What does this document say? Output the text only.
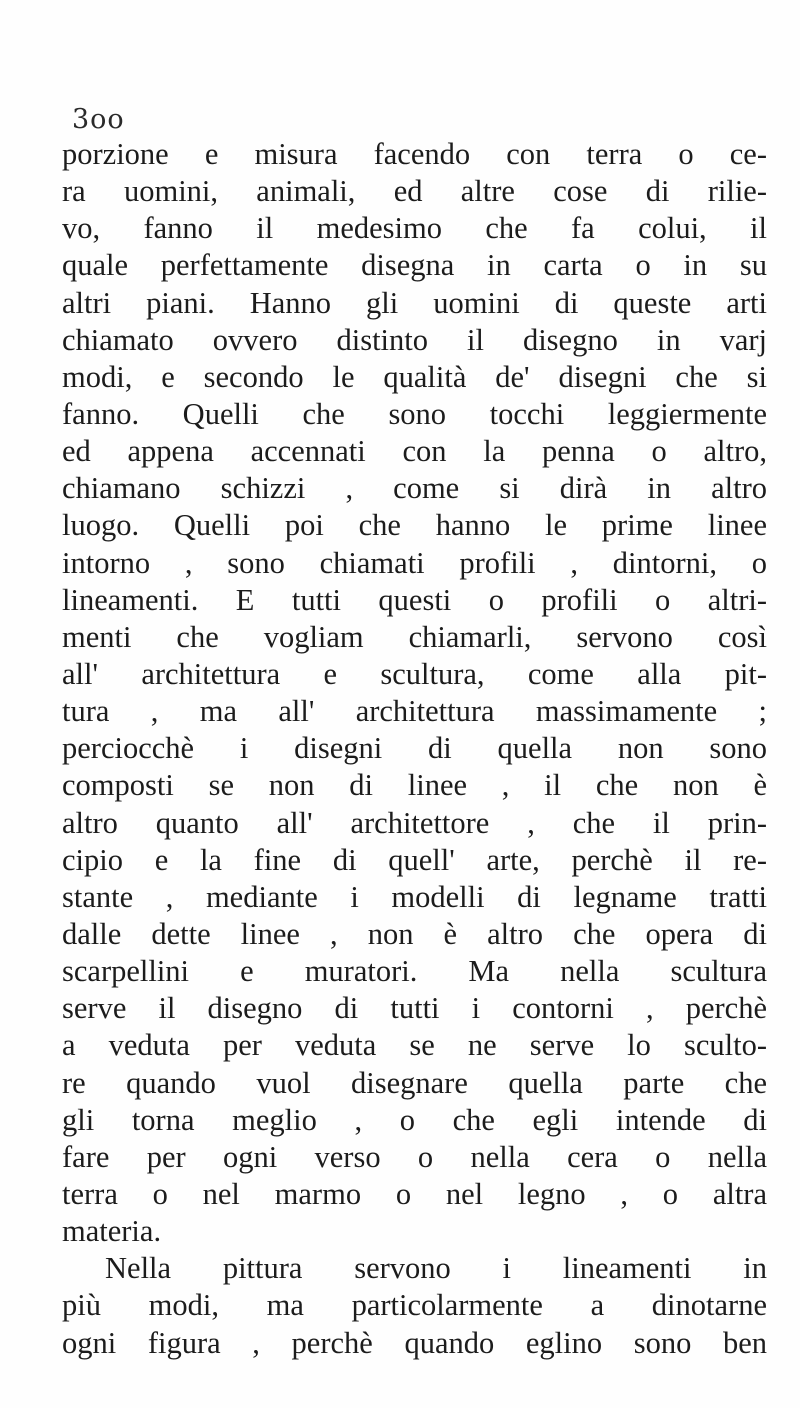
3oo
porzione e misura facendo con terra o ce-
ra uomini, animali, ed altre cose di rilie-
vo, fanno il medesimo che fa colui, il
quale perfettamente disegna in carta o in su
altri piani. Hanno gli uomini di queste arti
chiamato ovvero distinto il disegno in varj
modi, e secondo le qualità de' disegni che si
fanno. Quelli che sono tocchi leggiermente
ed appena accennati con la penna o altro,
chiamano schizzi , come si dirà in altro
luogo. Quelli poi che hanno le prime linee
intorno , sono chiamati profili , dintorni, o
lineamenti. E tutti questi o profili o altri-
menti che vogliam chiamarli, servono così
all' architettura e scultura, come alla pit-
tura , ma all' architettura massimamente ;
perciocchè i disegni di quella non sono
composti se non di linee , il che non è
altro quanto all' architettore , che il prin-
cipio e la fine di quell' arte, perchè il re-
stante , mediante i modelli di legname tratti
dalle dette linee , non è altro che opera di
scarpellini e muratori. Ma nella scultura
serve il disegno di tutti i contorni , perchè
a veduta per veduta se ne serve lo sculto-
re quando vuol disegnare quella parte che
gli torna meglio , o che egli intende di
fare per ogni verso o nella cera o nella
terra o nel marmo o nel legno , o altra
materia.
Nella pittura servono i lineamenti in
più modi, ma particolarmente a dinotarne
ogni figura , perchè quando eglino sono ben
